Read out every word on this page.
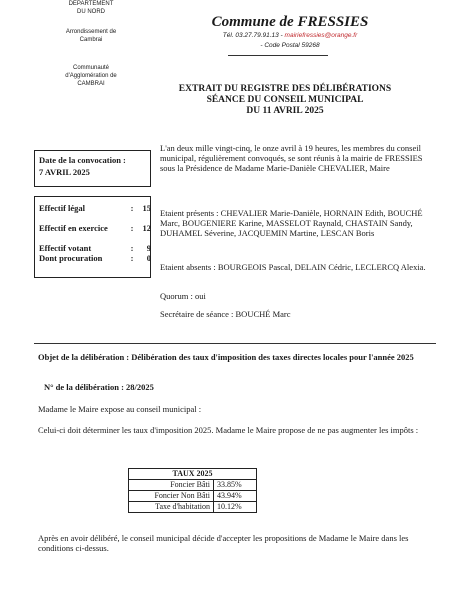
DEPARTEMENT
DU NORD
Arrondissement de
Cambrai
Communauté
d'Agglomération de
CAMBRAI
Commune de FRESSIES
Tél. 03.27.79.91.13 - mairiefressies@orange.fr
- Code Postal 59268
EXTRAIT DU REGISTRE DES DÉLIBÉRATIONS
SÉANCE DU CONSEIL MUNICIPAL
DU 11 AVRIL 2025
Date de la convocation :
7 AVRIL 2025
Effectif légal	:	15
Effectif en exercice	:	12
Effectif votant	:	9
Dont procuration	:	0
L'an deux mille vingt-cinq, le onze avril à 19 heures, les membres du conseil municipal, régulièrement convoqués, se sont réunis à la mairie de FRESSIES sous la Présidence de Madame Marie-Danièle CHEVALIER, Maire
Etaient présents : CHEVALIER Marie-Danièle, HORNAIN Edith, BOUCHÉ Marc, BOUGENIERE Karine, MASSELOT Raynald, CHASTAIN Sandy, DUHAMEL Séverine, JACQUEMIN Martine, LESCAN Boris
Etaient absents : BOURGEOIS Pascal, DELAIN Cédric, LECLERCQ Alexia.
Quorum : oui
Secrétaire de séance : BOUCHÉ Marc
Objet de la délibération : Délibération des taux d'imposition des taxes directes locales pour l'année 2025
N° de la délibération : 28/2025
Madame le Maire expose au conseil municipal :
Celui-ci doit déterminer les taux d'imposition 2025. Madame le Maire propose de ne pas augmenter les impôts :
TAUX 2025	
Foncier Bâti	33.85%
Foncier Non Bâti	43.94%
Taxe d'habitation	10.12%
Après en avoir délibéré, le conseil municipal décide d'accepter les propositions de Madame le Maire dans les conditions ci-dessus.
